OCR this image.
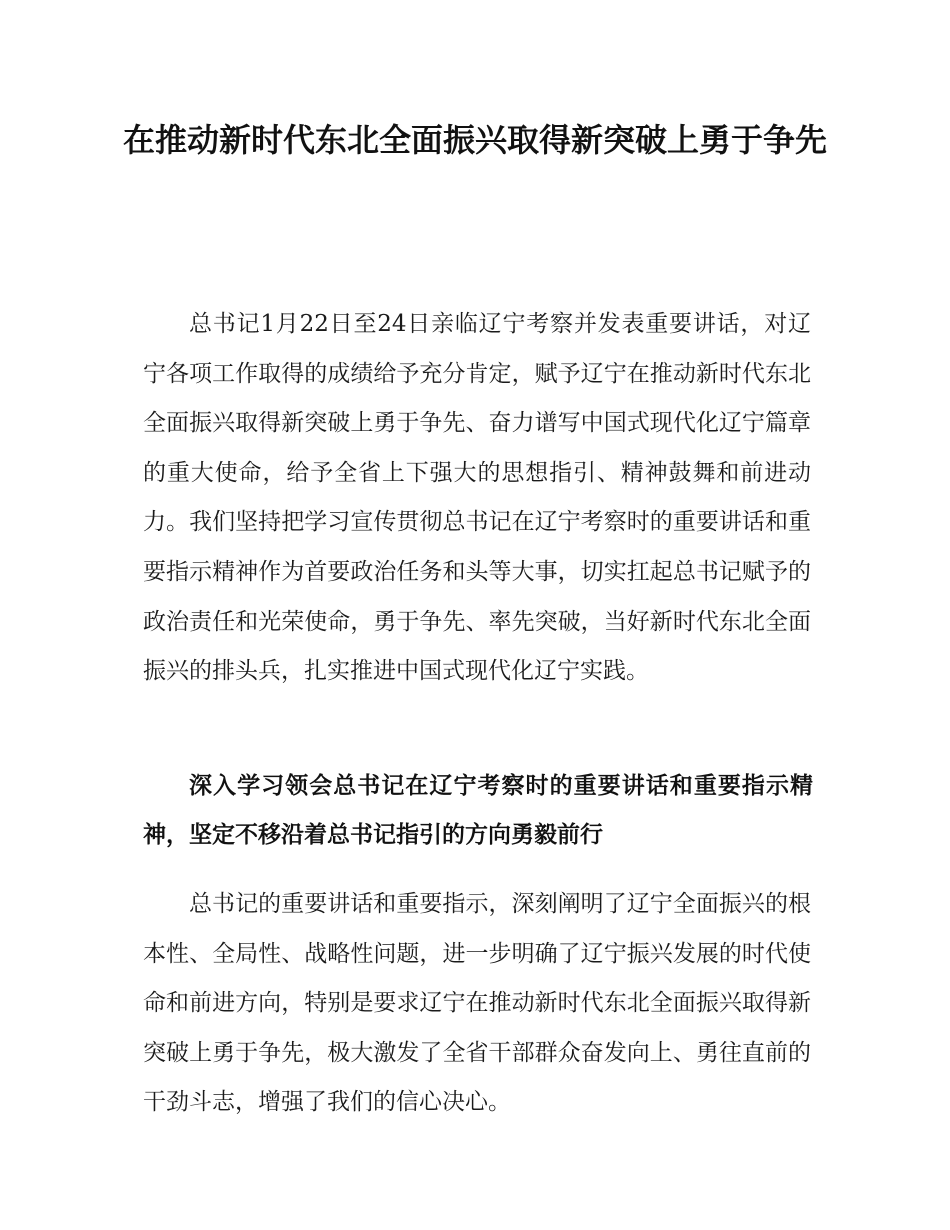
在推动新时代东北全面振兴取得新突破上勇于争先

总书记1月22日至24日亲临辽宁考察并发表重要讲话，对辽宁各项工作取得的成绩给予充分肯定，赋予辽宁在推动新时代东北全面振兴取得新突破上勇于争先、奋力谱写中国式现代化辽宁篇章的重大使命，给予全省上下强大的思想指引、精神鼓舞和前进动力。我们坚持把学习宣传贯彻总书记在辽宁考察时的重要讲话和重要指示精神作为首要政治任务和头等大事，切实扛起总书记赋予的政治责任和光荣使命，勇于争先、率先突破，当好新时代东北全面振兴的排头兵，扎实推进中国式现代化辽宁实践。

深入学习领会总书记在辽宁考察时的重要讲话和重要指示精神，坚定不移沿着总书记指引的方向勇毅前行

总书记的重要讲话和重要指示，深刻阐明了辽宁全面振兴的根本性、全局性、战略性问题，进一步明确了辽宁振兴发展的时代使命和前进方向，特别是要求辽宁在推动新时代东北全面振兴取得新突破上勇于争先，极大激发了全省干部群众奋发向上、勇往直前的干劲斗志，增强了我们的信心决心。
